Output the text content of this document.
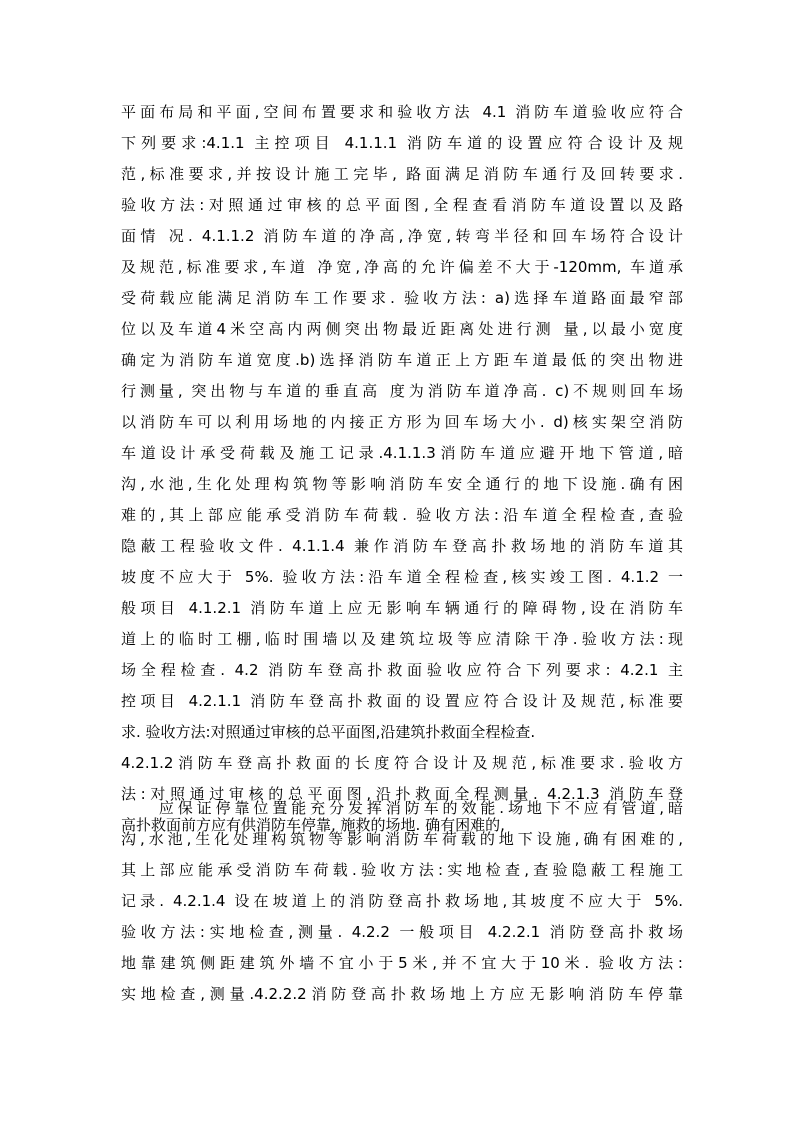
平面布局和平面,空间布置要求和验收方法 4.1 消防车道验收应符合
下列要求:4.1.1 主控项目 4.1.1.1 消防车道的设置应符合设计及规
范,标准要求,并按设计施工完毕, 路面满足消防车通行及回转要求.
验收方法:对照通过审核的总平面图,全程查看消防车道设置以及路
面情 况. 4.1.1.2 消防车道的净高,净宽,转弯半径和回车场符合设计
及规范,标准要求,车道 净宽,净高的允许偏差不大于-120mm, 车道承
受荷载应能满足消防车工作要求. 验收方法: a)选择车道路面最窄部
位以及车道4米空高内两侧突出物最近距离处进行测 量,以最小宽度
确定为消防车道宽度.b)选择消防车道正上方距车道最低的突出物进
行测量, 突出物与车道的垂直高 度为消防车道净高. c)不规则回车场
以消防车可以利用场地的内接正方形为回车场大小. d)核实架空消防
车道设计承受荷载及施工记录.4.1.1.3消防车道应避开地下管道,暗
沟,水池,生化处理构筑物等影响消防车安全通行的地下设施.确有困
难的,其上部应能承受消防车荷载. 验收方法:沿车道全程检查,查验
隐蔽工程验收文件. 4.1.1.4 兼作消防车登高扑救场地的消防车道其
坡度不应大于 5%. 验收方法:沿车道全程检查,核实竣工图. 4.1.2 一
般项目 4.1.2.1 消防车道上应无影响车辆通行的障碍物,设在消防车
道上的临时工棚,临时围墙以及建筑垃圾等应清除干净.验收方法:现
场全程检查. 4.2 消防车登高扑救面验收应符合下列要求: 4.2.1 主
控项目 4.2.1.1 消防车登高扑救面的设置应符合设计及规范,标准要
求. 验收方法:对照通过审核的总平面图,沿建筑扑救面全程检查.
4.2.1.2消防车登高扑救面的长度符合设计及规范,标准要求.验收方
法:对照通过审核的总平面图,沿扑救面全程测量. 4.2.1.3 消防车登
高扑救面前方应有供消防车停靠, 施救的场地. 确有困难的,
　　应保证停靠位置能充分发挥消防车的效能.场地下不应有管道,暗
沟,水池,生化处理构筑物等影响消防车荷载的地下设施,确有困难的,
其上部应能承受消防车荷载.验收方法:实地检查,查验隐蔽工程施工
记录. 4.2.1.4 设在坡道上的消防登高扑救场地,其坡度不应大于 5%.
验收方法:实地检查,测量. 4.2.2 一般项目 4.2.2.1 消防登高扑救场
地靠建筑侧距建筑外墙不宜小于5米,并不宜大于10米. 验收方法:
实地检查,测量.4.2.2.2消防登高扑救场地上方应无影响消防车停靠
